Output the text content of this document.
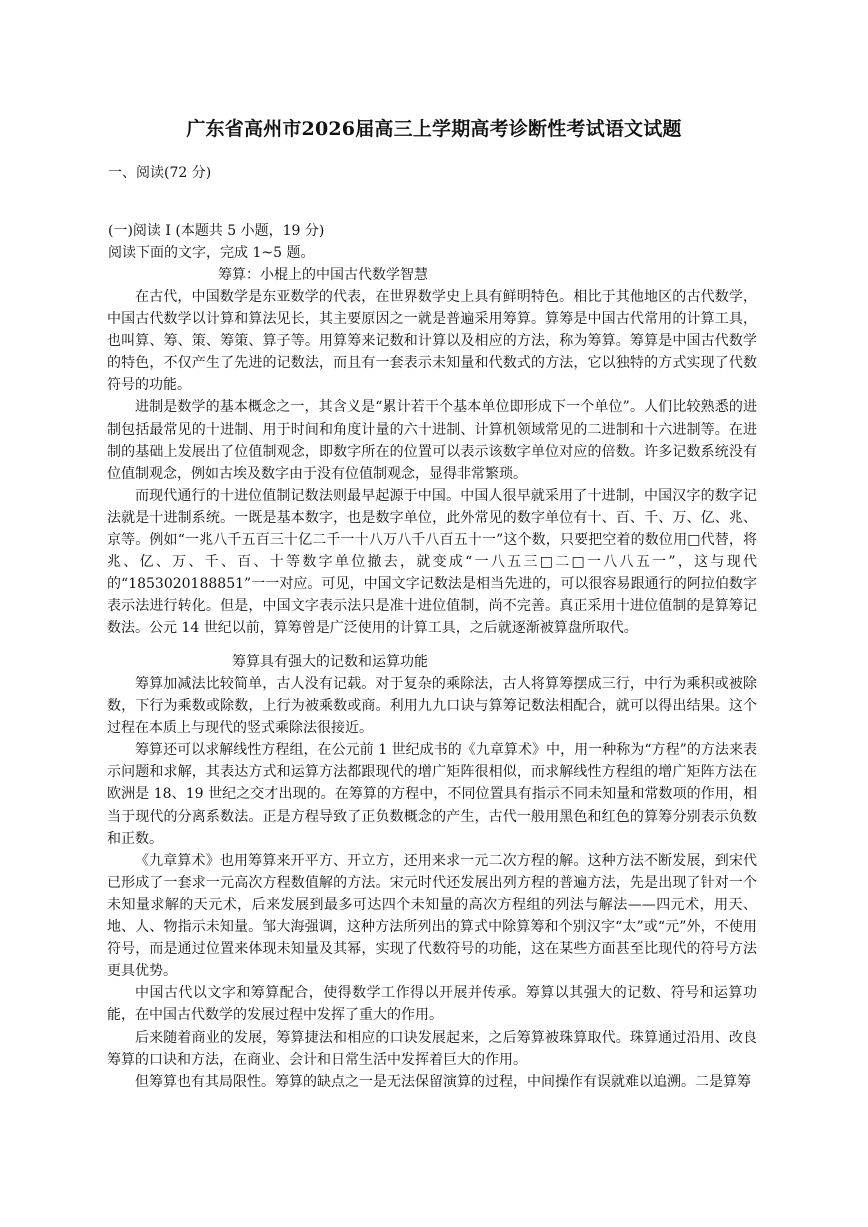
广东省高州市2026届高三上学期高考诊断性考试语文试题
一、阅读(72 分)
(一)阅读 I (本题共 5 小题，19 分)
阅读下面的文字，完成 1~5 题。
筹算：小棍上的中国古代数学智慧

在古代，中国数学是东亚数学的代表，在世界数学史上具有鲜明特色。相比于其他地区的古代数学，中国古代数学以计算和算法见长，其主要原因之一就是普遍采用筹算。算筹是中国古代常用的计算工具，也叫算、筹、策、筹策、算子等。用算筹来记数和计算以及相应的方法，称为筹算。筹算是中国古代数学的特色，不仅产生了先进的记数法，而且有一套表示未知量和代数式的方法，它以独特的方式实现了代数符号的功能。

进制是数学的基本概念之一，其含义是“累计若干个基本单位即形成下一个单位”。人们比较熟悉的进制包括最常见的十进制、用于时间和角度计量的六十进制、计算机领域常见的二进制和十六进制等。在进制的基础上发展出了位值制观念，即数字所在的位置可以表示该数字单位对应的倍数。许多记数系统没有位值制观念，例如古埃及数字由于没有位值制观念，显得非常繁琐。

而现代通行的十进位值制记数法则最早起源于中国。中国人很早就采用了十进制，中国汉字的数字记法就是十进制系统。一既是基本数字，也是数字单位，此外常见的数字单位有十、百、千、万、亿、兆、京等。例如“一兆八千五百三十亿二千一十八万八千八百五十一”这个数，只要把空着的数位用□代替，将兆、亿、万、千、百、十等数字单位撤去，就变成“一八五三□二□一八八五一”，这与现代的“1853020188851”一一对应。可见，中国文字记数法是相当先进的，可以很容易跟通行的阿拉伯数字表示法进行转化。但是，中国文字表示法只是准十进位值制，尚不完善。真正采用十进位值制的是算筹记数法。公元 14 世纪以前，算筹曾是广泛使用的计算工具，之后就逐渐被算盘所取代。

筹算具有强大的记数和运算功能

筹算加减法比较简单，古人没有记载。对于复杂的乘除法，古人将算筹摆成三行，中行为乘积或被除数，下行为乘数或除数，上行为被乘数或商。利用九九口诀与算筹记数法相配合，就可以得出结果。这个过程在本质上与现代的竖式乘除法很接近。

筹算还可以求解线性方程组，在公元前 1 世纪成书的《九章算术》中，用一种称为“方程”的方法来表示问题和求解，其表达方式和运算方法都跟现代的增广矩阵很相似，而求解线性方程组的增广矩阵方法在欧洲是 18、19 世纪之交才出现的。在筹算的方程中，不同位置具有指示不同未知量和常数项的作用，相当于现代的分离系数法。正是方程导致了正负数概念的产生，古代一般用黑色和红色的算筹分别表示负数和正数。

《九章算术》也用筹算来开平方、开立方，还用来求一元二次方程的解。这种方法不断发展，到宋代已形成了一套求一元高次方程数值解的方法。宋元时代还发展出列方程的普遍方法，先是出现了针对一个未知量求解的天元术，后来发展到最多可达四个未知量的高次方程组的列法与解法——四元术，用天、地、人、物指示未知量。邹大海强调，这种方法所列出的算式中除算筹和个别汉字“太”或“元”外，不使用符号，而是通过位置来体现未知量及其幂，实现了代数符号的功能，这在某些方面甚至比现代的符号方法更具优势。

中国古代以文字和筹算配合，使得数学工作得以开展并传承。筹算以其强大的记数、符号和运算功能，在中国古代数学的发展过程中发挥了重大的作用。

后来随着商业的发展，筹算捷法和相应的口诀发展起来，之后筹算被珠算取代。珠算通过沿用、改良筹算的口诀和方法，在商业、会计和日常生活中发挥着巨大的作用。

但筹算也有其局限性。筹算的缺点之一是无法保留演算的过程，中间操作有误就难以追溯。二是算筹
